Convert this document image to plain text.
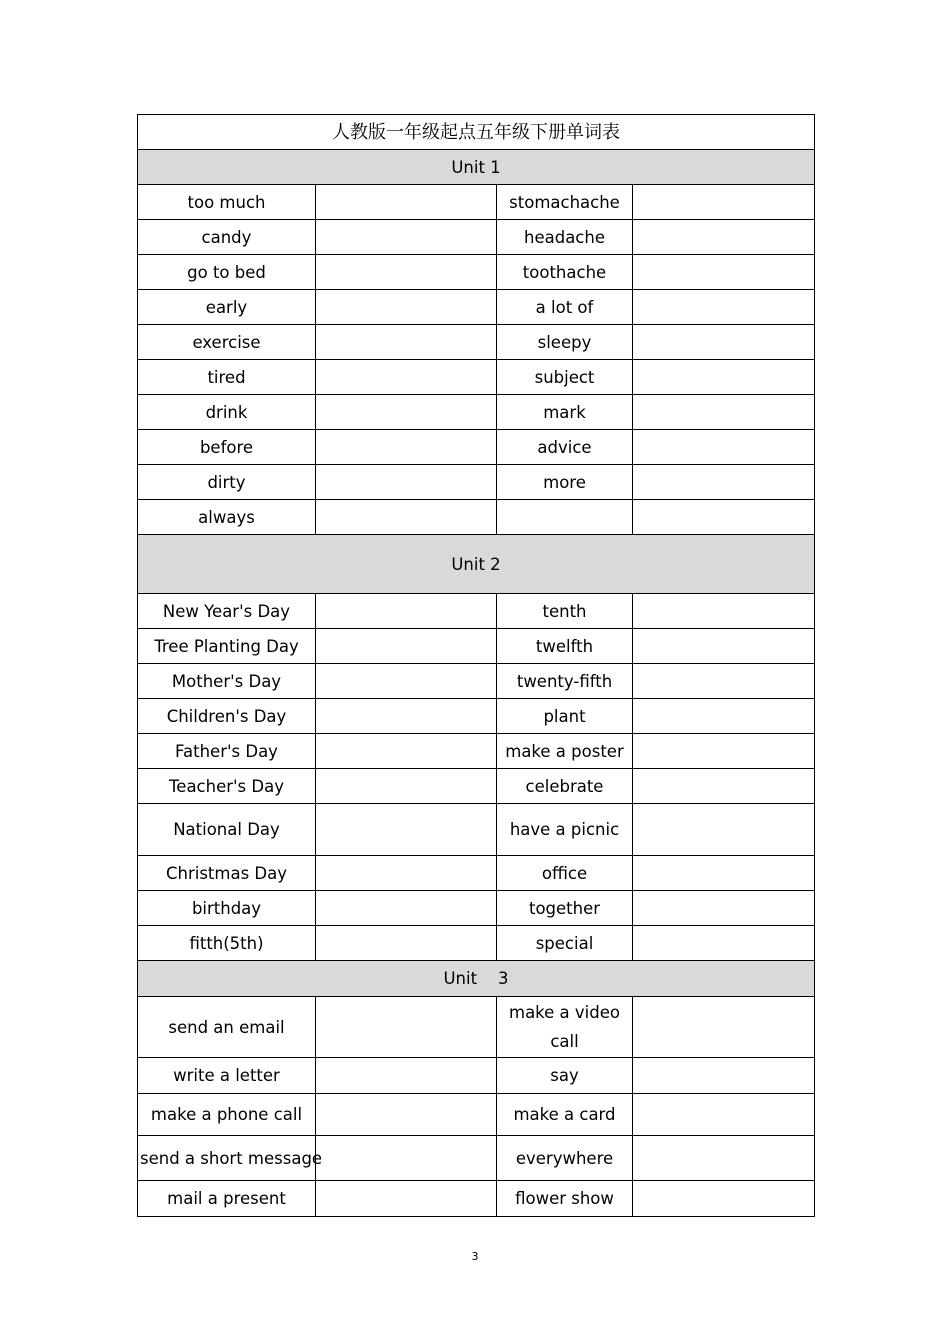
人教版一年级起点五年级下册单词表			
Unit 1			
too much		stomachache	
candy		headache	
go to bed		toothache	
early		a lot of	
exercise		sleepy	
tired		subject	
drink		mark	
before		advice	
dirty		more	
always			
Unit 2			
New Year's Day		tenth	
Tree Planting Day		twelfth	
Mother's Day		twenty-fifth	
Children's Day		plant	
Father's Day		make a poster	
Teacher's Day		celebrate	
National Day		have a picnic	
Christmas Day		office	
birthday		together	
fitth(5th)		special	
Unit    3			
send an email		make a video call	
write a letter		say	
make a phone call		make a card	
send a short message		everywhere	
mail a present		flower show	
3
